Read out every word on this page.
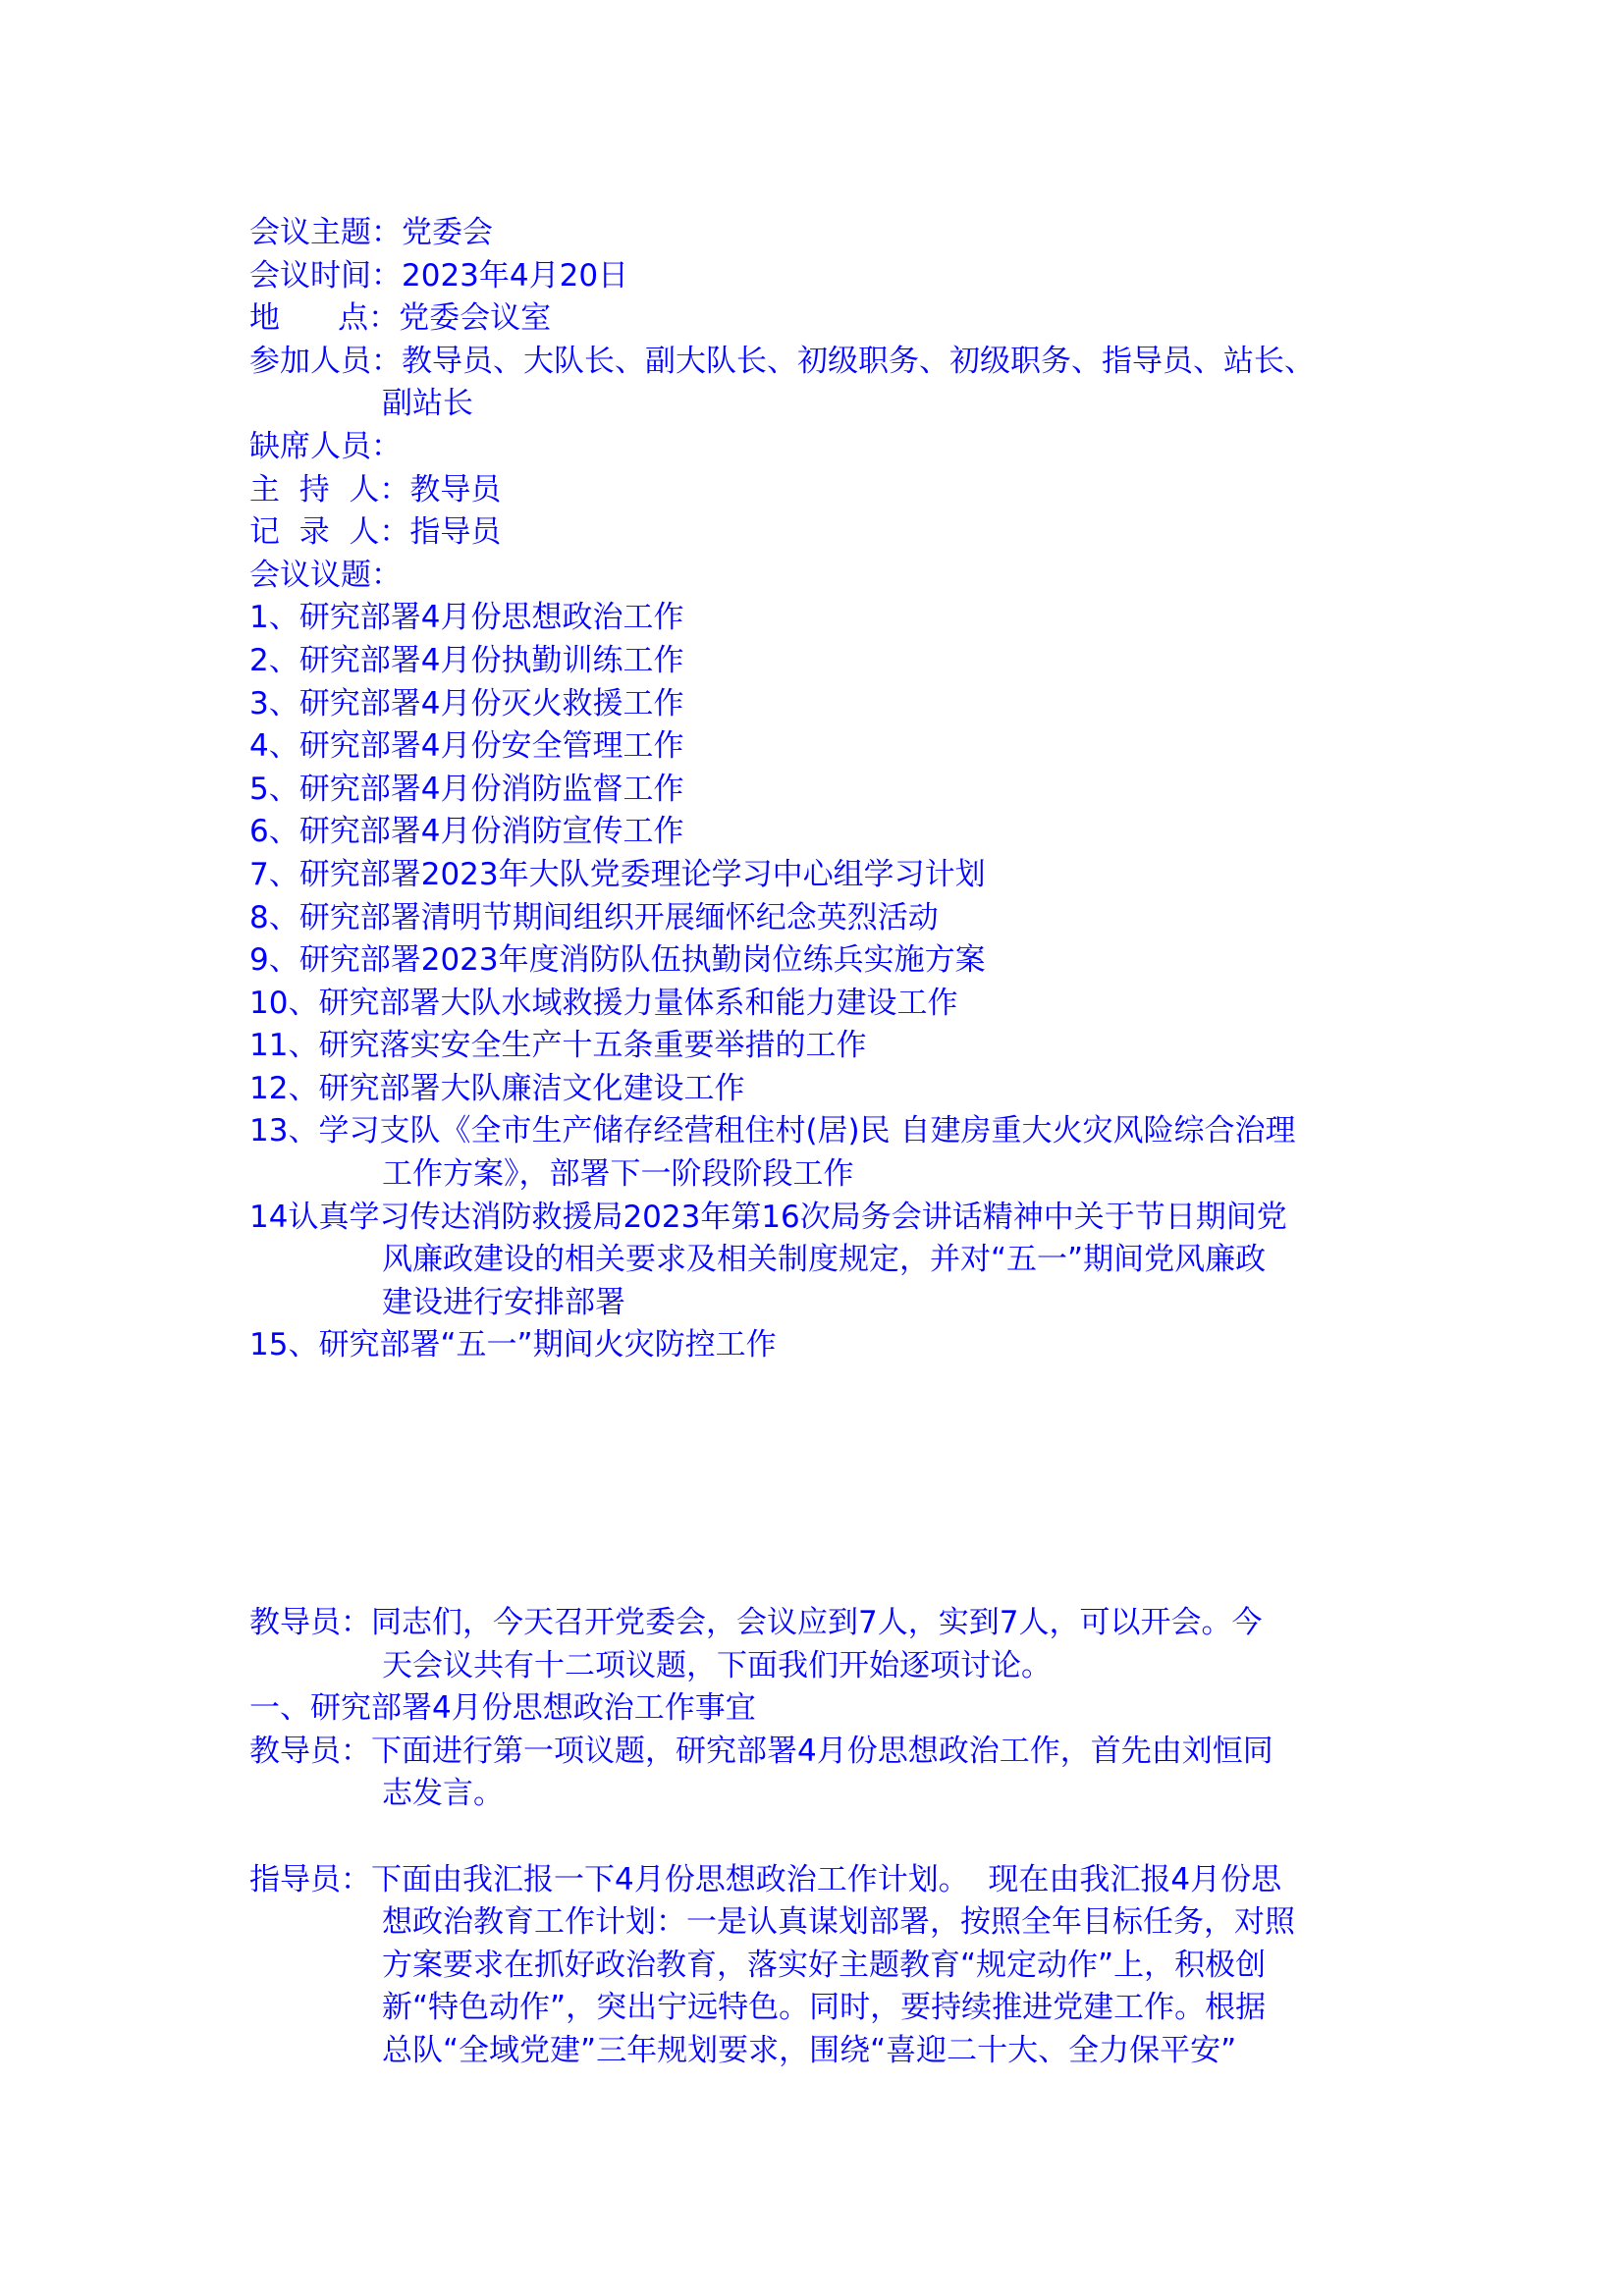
会议主题：党委会
会议时间：2023年4月20日
地      点：党委会议室
参加人员：教导员、大队长、副大队长、初级职务、初级职务、指导员、站长、
副站长
缺席人员：
主  持  人：教导员
记  录  人：指导员
会议议题：
1、研究部署4月份思想政治工作
2、研究部署4月份执勤训练工作
3、研究部署4月份灭火救援工作
4、研究部署4月份安全管理工作
5、研究部署4月份消防监督工作
6、研究部署4月份消防宣传工作
7、研究部署2023年大队党委理论学习中心组学习计划
8、研究部署清明节期间组织开展缅怀纪念英烈活动
9、研究部署2023年度消防队伍执勤岗位练兵实施方案
10、研究部署大队水域救援力量体系和能力建设工作
11、研究落实安全生产十五条重要举措的工作
12、研究部署大队廉洁文化建设工作
13、学习支队《全市生产储存经营租住村(居)民 自建房重大火灾风险综合治理
工作方案》，部署下一阶段阶段工作
14认真学习传达消防救援局2023年第16次局务会讲话精神中关于节日期间党
风廉政建设的相关要求及相关制度规定，并对“五一”期间党风廉政
建设进行安排部署
15、研究部署“五一”期间火灾防控工作
教导员：同志们，今天召开党委会，会议应到7人，实到7人，可以开会。今
天会议共有十二项议题，下面我们开始逐项讨论。
一、研究部署4月份思想政治工作事宜
教导员：下面进行第一项议题，研究部署4月份思想政治工作，首先由刘恒同
志发言。
指导员：下面由我汇报一下4月份思想政治工作计划。  现在由我汇报4月份思
想政治教育工作计划：一是认真谋划部署，按照全年目标任务，对照
方案要求在抓好政治教育，落实好主题教育“规定动作”上，积极创
新“特色动作”，突出宁远特色。同时，要持续推进党建工作。根据
总队“全域党建”三年规划要求，围绕“喜迎二十大、全力保平安”
